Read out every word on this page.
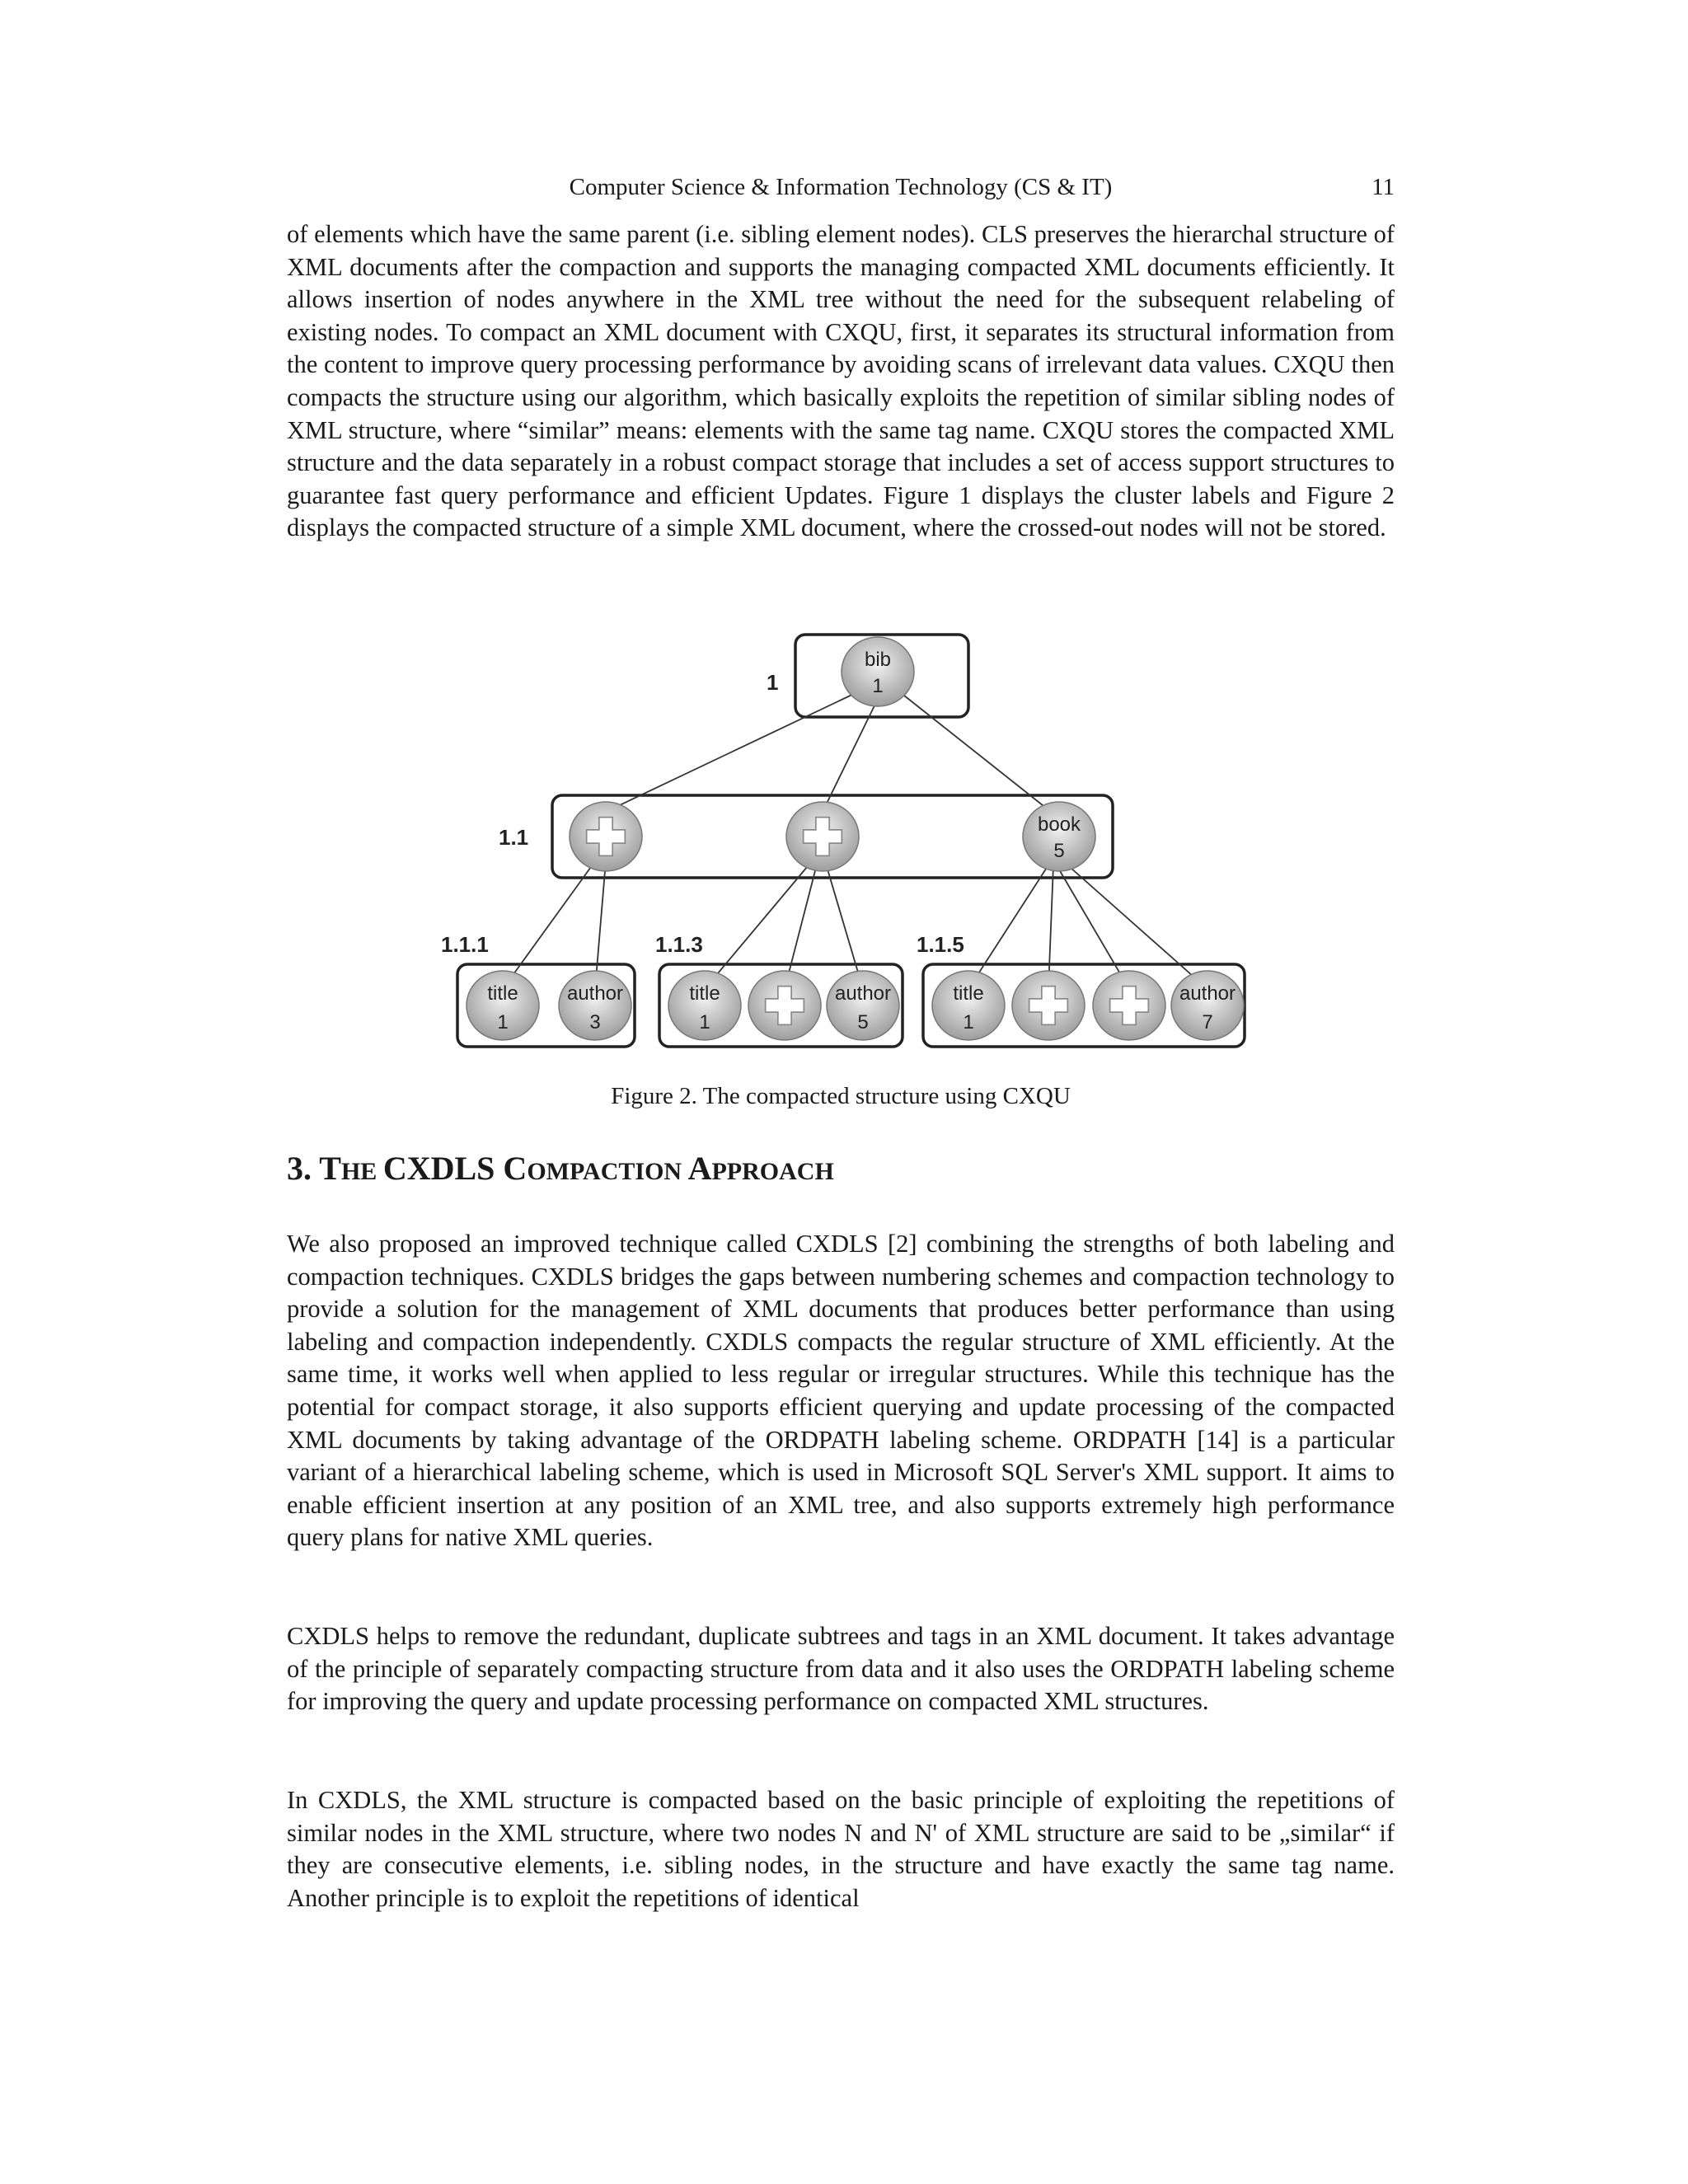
Computer Science & Information Technology (CS & IT)	11

of elements which have the same parent (i.e. sibling element nodes). CLS preserves the hierarchal structure of XML documents after the compaction and supports the managing compacted XML documents efficiently. It allows insertion of nodes anywhere in the XML tree without the need for the subsequent relabeling of existing nodes. To compact an XML document with CXQU, first, it separates its structural information from the content to improve query processing performance by avoiding scans of irrelevant data values. CXQU then compacts the structure using our algorithm, which basically exploits the repetition of similar sibling nodes of XML structure, where “similar” means: elements with the same tag name. CXQU stores the compacted XML structure and the data separately in a robust compact storage that includes a set of access support structures to guarantee fast query performance and efficient Updates. Figure 1 displays the cluster labels and Figure 2 displays the compacted structure of a simple XML document, where the crossed-out nodes will not be stored.

1
1.1
1.1.1	1.1.3	1.1.5
bib
1
book
5
title
1
author
3
title
1
author
5
title
1
author
7
Figure 2. The compacted structure using CXQU
3. THE CXDLS COMPACTION APPROACH

We also proposed an improved technique called CXDLS [2] combining the strengths of both labeling and compaction techniques. CXDLS bridges the gaps between numbering schemes and compaction technology to provide a solution for the management of XML documents that produces better performance than using labeling and compaction independently. CXDLS compacts the regular structure of XML efficiently. At the same time, it works well when applied to less regular or irregular structures. While this technique has the potential for compact storage, it also supports efficient querying and update processing of the compacted XML documents by taking advantage of the ORDPATH labeling scheme. ORDPATH [14] is a particular variant of a hierarchical labeling scheme, which is used in Microsoft SQL Server's XML support. It aims to enable efficient insertion at any position of an XML tree, and also supports extremely high performance query plans for native XML queries.

CXDLS helps to remove the redundant, duplicate subtrees and tags in an XML document. It takes advantage of the principle of separately compacting structure from data and it also uses the ORDPATH labeling scheme for improving the query and update processing performance on compacted XML structures.

In CXDLS, the XML structure is compacted based on the basic principle of exploiting the repetitions of similar nodes in the XML structure, where two nodes N and N' of XML structure are said to be „similar“ if they are consecutive elements, i.e. sibling nodes, in the structure and have exactly the same tag name. Another principle is to exploit the repetitions of identical
